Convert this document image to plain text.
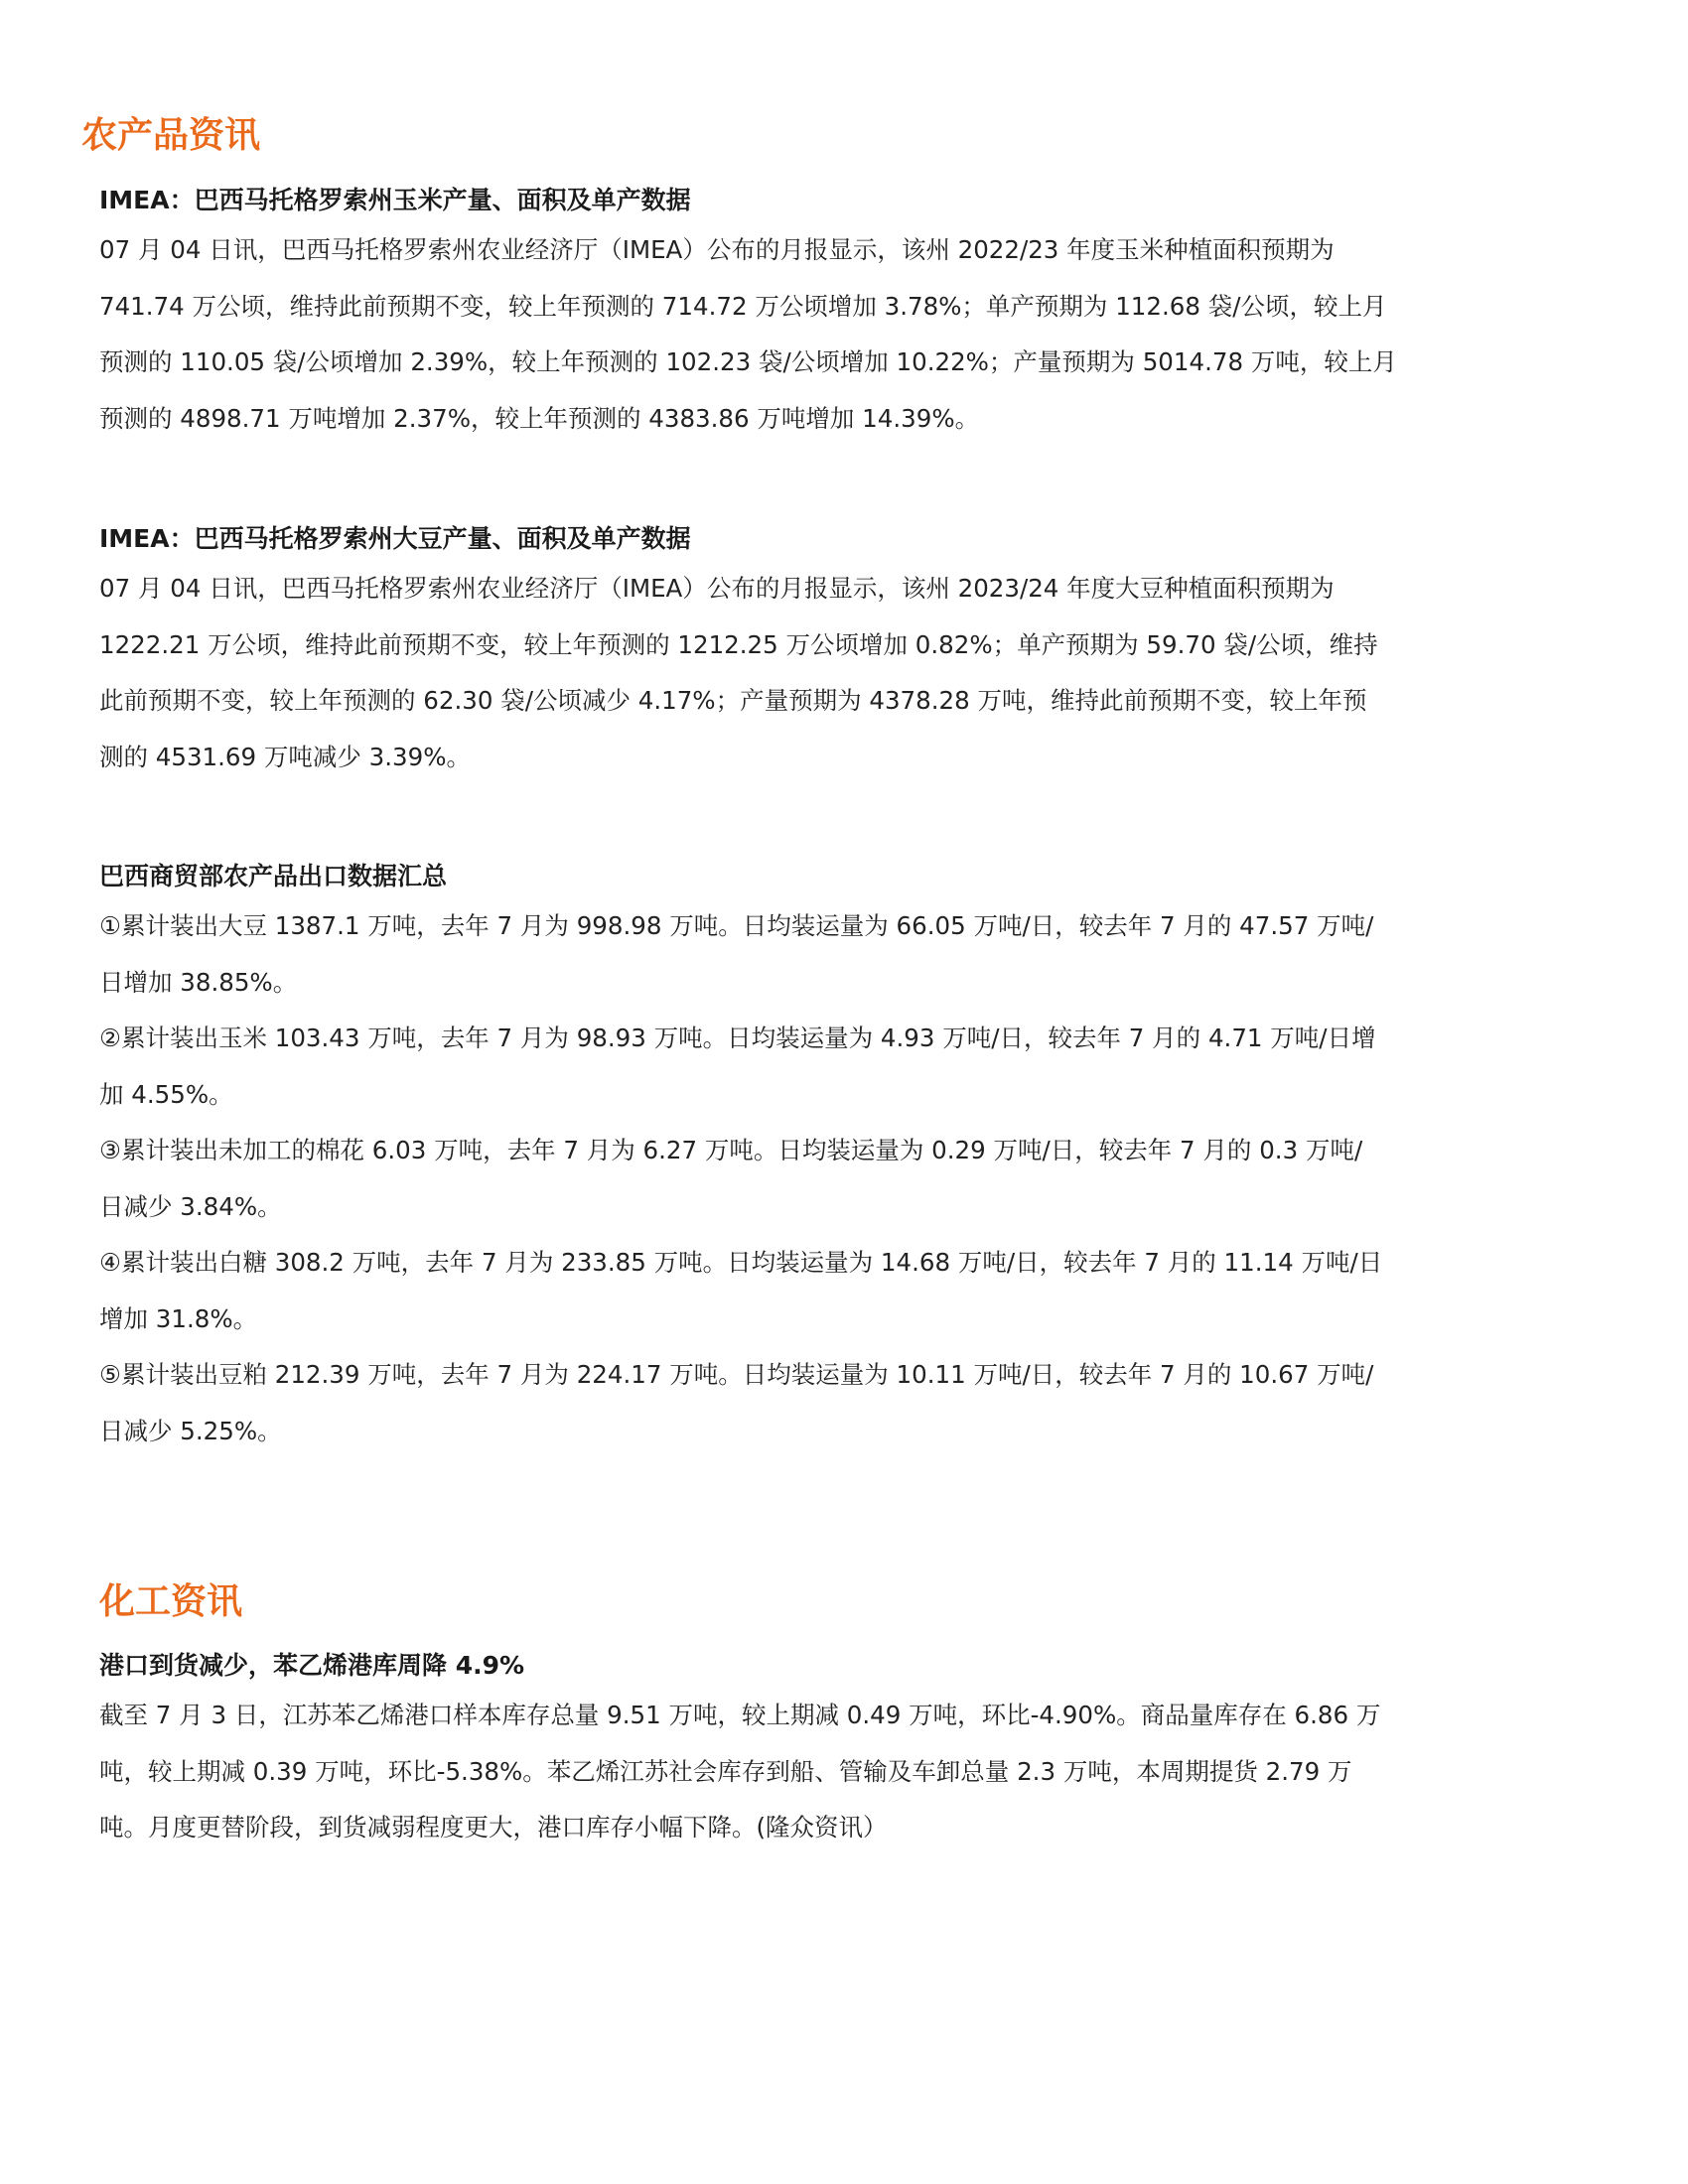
农产品资讯
IMEA：巴西马托格罗索州玉米产量、面积及单产数据

07 月 04 日讯，巴西马托格罗索州农业经济厅（IMEA）公布的月报显示，该州 2022/23 年度玉米种植面积预期为
741.74 万公顷，维持此前预期不变，较上年预测的 714.72 万公顷增加 3.78%；单产预期为 112.68 袋/公顷，较上月
预测的 110.05 袋/公顷增加 2.39%，较上年预测的 102.23 袋/公顷增加 10.22%；产量预期为 5014.78 万吨，较上月
预测的 4898.71 万吨增加 2.37%，较上年预测的 4383.86 万吨增加 14.39%。

IMEA：巴西马托格罗索州大豆产量、面积及单产数据

07 月 04 日讯，巴西马托格罗索州农业经济厅（IMEA）公布的月报显示，该州 2023/24 年度大豆种植面积预期为
1222.21 万公顷，维持此前预期不变，较上年预测的 1212.25 万公顷增加 0.82%；单产预期为 59.70 袋/公顷，维持
此前预期不变，较上年预测的 62.30 袋/公顷减少 4.17%；产量预期为 4378.28 万吨，维持此前预期不变，较上年预
测的 4531.69 万吨减少 3.39%。

巴西商贸部农产品出口数据汇总

①累计装出大豆 1387.1 万吨，去年 7 月为 998.98 万吨。日均装运量为 66.05 万吨/日，较去年 7 月的 47.57 万吨/

日增加 38.85%。

②累计装出玉米 103.43 万吨，去年 7 月为 98.93 万吨。日均装运量为 4.93 万吨/日，较去年 7 月的 4.71 万吨/日增

加 4.55%。

③累计装出未加工的棉花 6.03 万吨，去年 7 月为 6.27 万吨。日均装运量为 0.29 万吨/日，较去年 7 月的 0.3 万吨/

日减少 3.84%。

④累计装出白糖 308.2 万吨，去年 7 月为 233.85 万吨。日均装运量为 14.68 万吨/日，较去年 7 月的 11.14 万吨/日

增加 31.8%。

⑤累计装出豆粕 212.39 万吨，去年 7 月为 224.17 万吨。日均装运量为 10.11 万吨/日，较去年 7 月的 10.67 万吨/

日减少 5.25%。

化工资讯
港口到货减少，苯乙烯港库周降 4.9%

截至 7 月 3 日，江苏苯乙烯港口样本库存总量 9.51 万吨，较上期减 0.49 万吨，环比-4.90%。商品量库存在 6.86 万
吨，较上期减 0.39 万吨，环比-5.38%。苯乙烯江苏社会库存到船、管输及车卸总量 2.3 万吨，本周期提货 2.79 万
吨。月度更替阶段，到货减弱程度更大，港口库存小幅下降。(隆众资讯）
